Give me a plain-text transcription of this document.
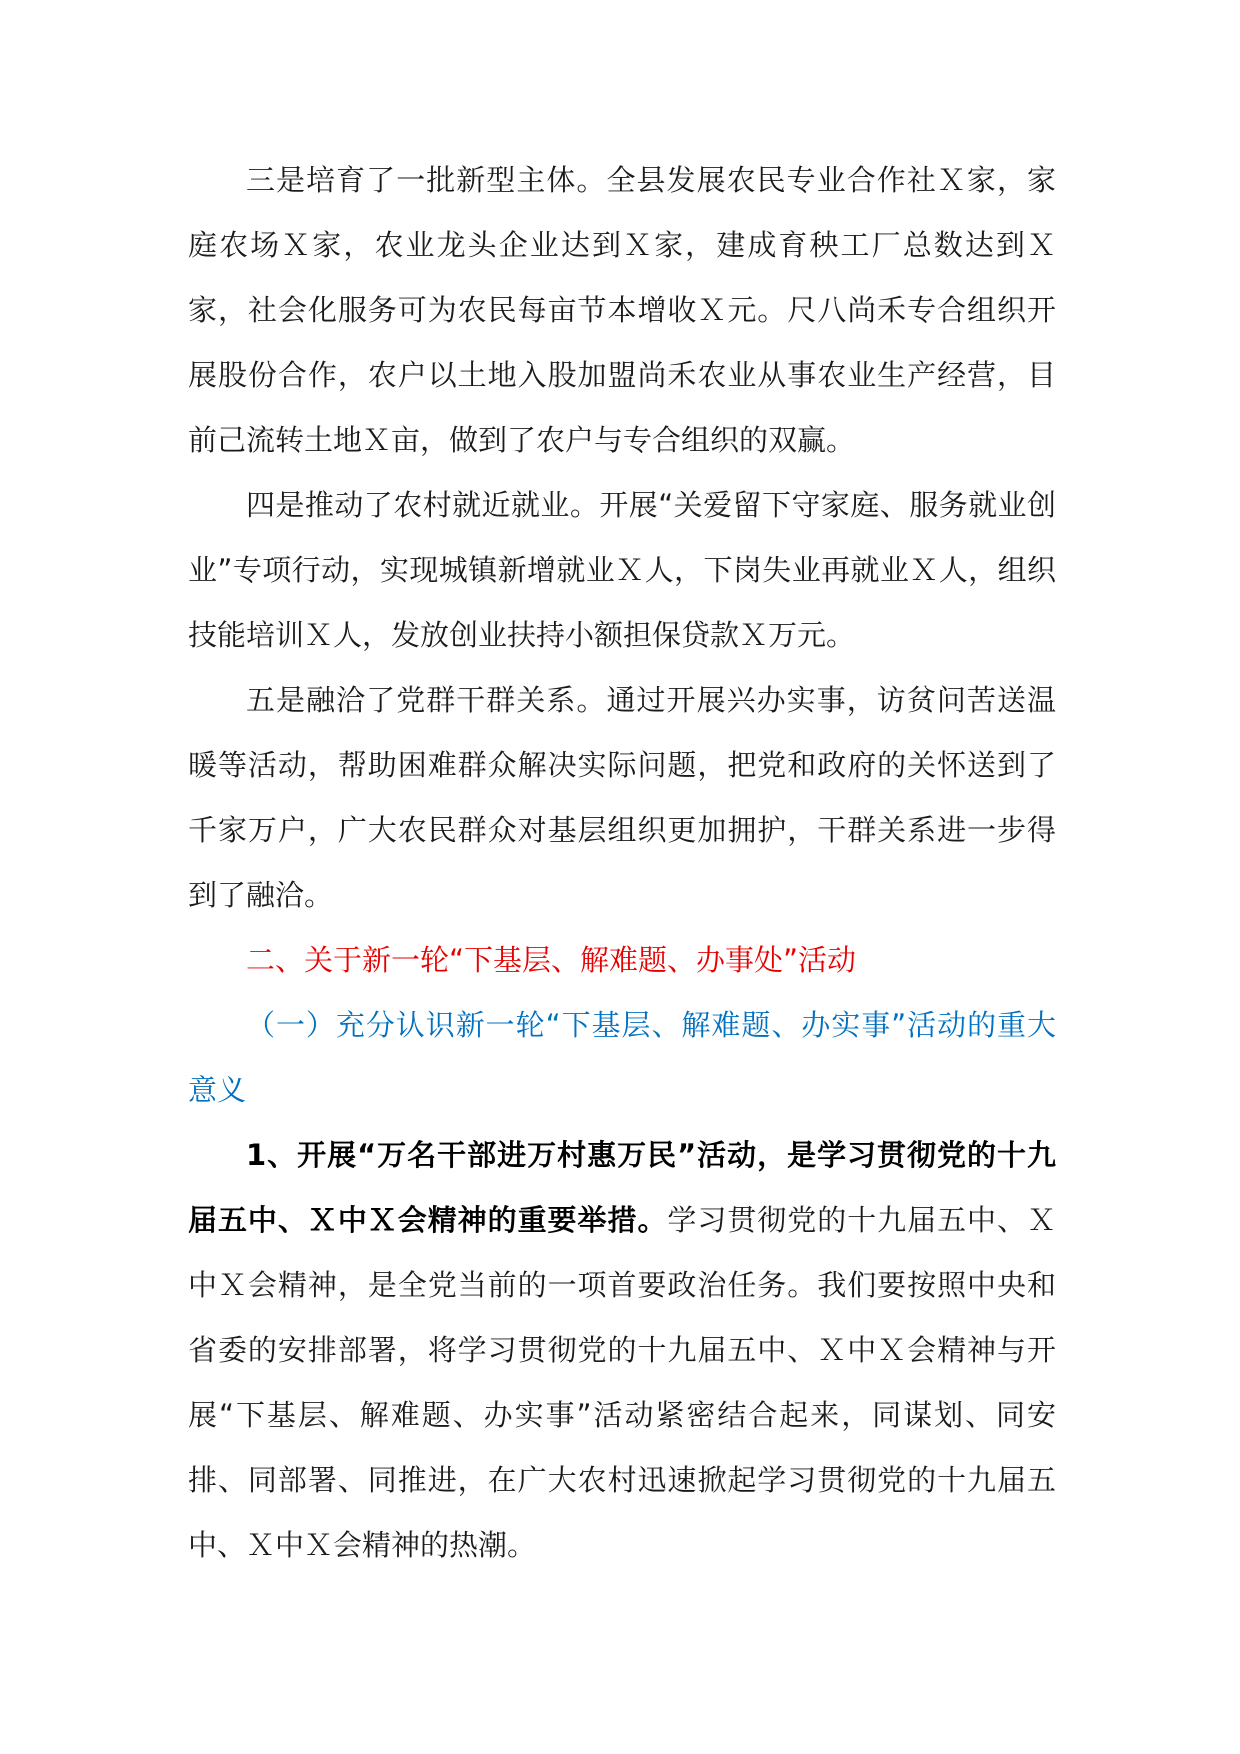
三是培育了一批新型主体。全县发展农民专业合作社Ｘ家，家庭农场Ｘ家，农业龙头企业达到Ｘ家，建成育秧工厂总数达到Ｘ家，社会化服务可为农民每亩节本增收Ｘ元。尺八尚禾专合组织开展股份合作，农户以土地入股加盟尚禾农业从事农业生产经营，目前己流转土地Ｘ亩，做到了农户与专合组织的双赢。

四是推动了农村就近就业。开展“关爱留下守家庭、服务就业创业”专项行动，实现城镇新增就业Ｘ人，下岗失业再就业Ｘ人，组织技能培训Ｘ人，发放创业扶持小额担保贷款Ｘ万元。

五是融洽了党群干群关系。通过开展兴办实事，访贫问苦送温暖等活动，帮助困难群众解决实际问题，把党和政府的关怀送到了千家万户，广大农民群众对基层组织更加拥护，干群关系进一步得到了融洽。

二、关于新一轮“下基层、解难题、办事处”活动

（一）充分认识新一轮“下基层、解难题、办实事”活动的重大意义

1、开展“万名干部进万村惠万民”活动，是学习贯彻党的十九届五中、Ｘ中Ｘ会精神的重要举措。学习贯彻党的十九届五中、Ｘ中Ｘ会精神，是全党当前的一项首要政治任务。我们要按照中央和省委的安排部署，将学习贯彻党的十九届五中、Ｘ中Ｘ会精神与开展“下基层、解难题、办实事”活动紧密结合起来，同谋划、同安排、同部署、同推进，在广大农村迅速掀起学习贯彻党的十九届五中、Ｘ中Ｘ会精神的热潮。
